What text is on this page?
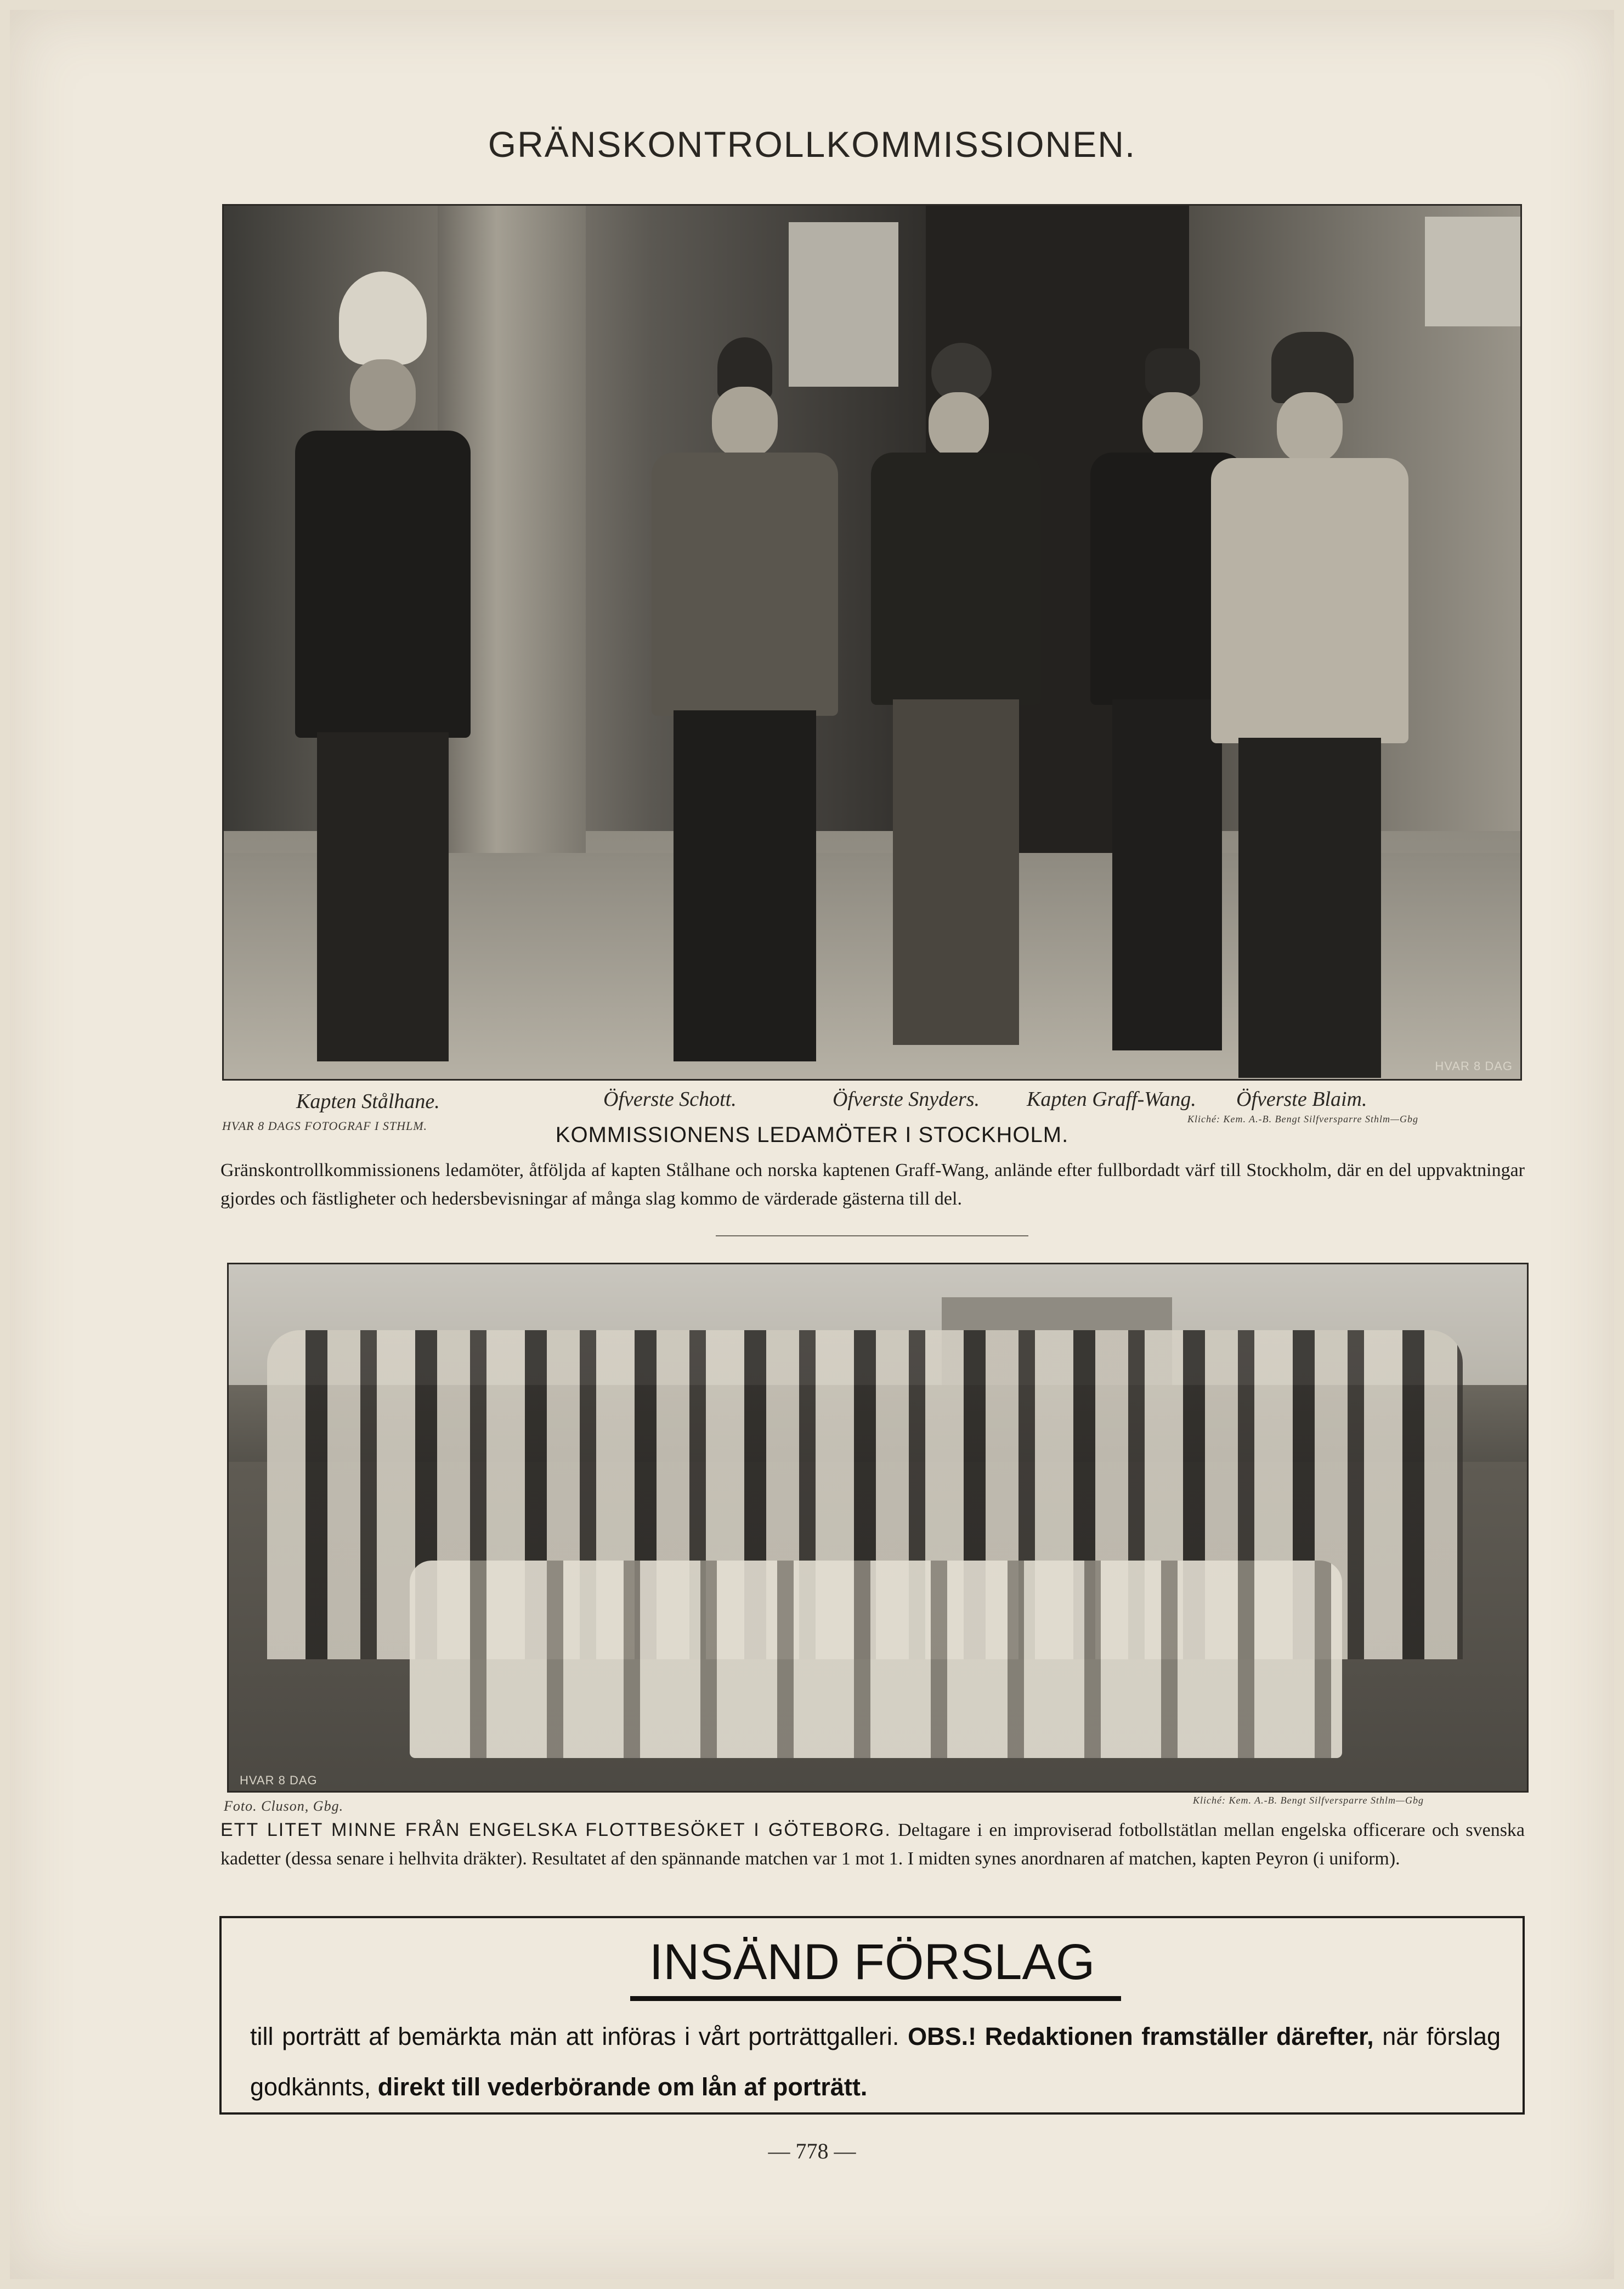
GRÄNSKONTROLLKOMMISSIONEN.
HVAR 8 DAG
Kapten Stålhane.	Öfverste Schott.	Öfverste Snyders. Kapten Graff-Wang. Öfverste Blaim.
HVAR 8 DAGS FOTOGRAF I STHLM.	Kliché: Kem. A.-B. Bengt Silfversparre Sthlm—Gbg
KOMMISSIONENS LEDAMÖTER I STOCKHOLM.
Gränskontrollkommissionens ledamöter, åtföljda af kapten Stålhane och norska kaptenen Graff-Wang, anlände efter fullbordadt värf till Stockholm, där en del uppvaktningar gjordes och fästligheter och hedersbevisningar af många slag kommo de värderade gästerna till del.
HVAR 8 DAG
Foto. Cluson, Gbg.	Kliché: Kem. A.-B. Bengt Silfversparre Sthlm—Gbg
ETT LITET MINNE FRÅN ENGELSKA FLOTTBESÖKET I GÖTEBORG. Deltagare i en improviserad fotbollstätlan mellan engelska officerare och svenska kadetter (dessa senare i helhvita dräkter). Resultatet af den spännande matchen var 1 mot 1. I midten synes anordnaren af matchen, kapten Peyron (i uniform).
INSÄND FÖRSLAG
till porträtt af bemärkta män att införas i vårt porträttgalleri. OBS.! Redaktionen framställer därefter, när förslag godkännts, direkt till vederbörande om lån af porträtt.
— 778 —
